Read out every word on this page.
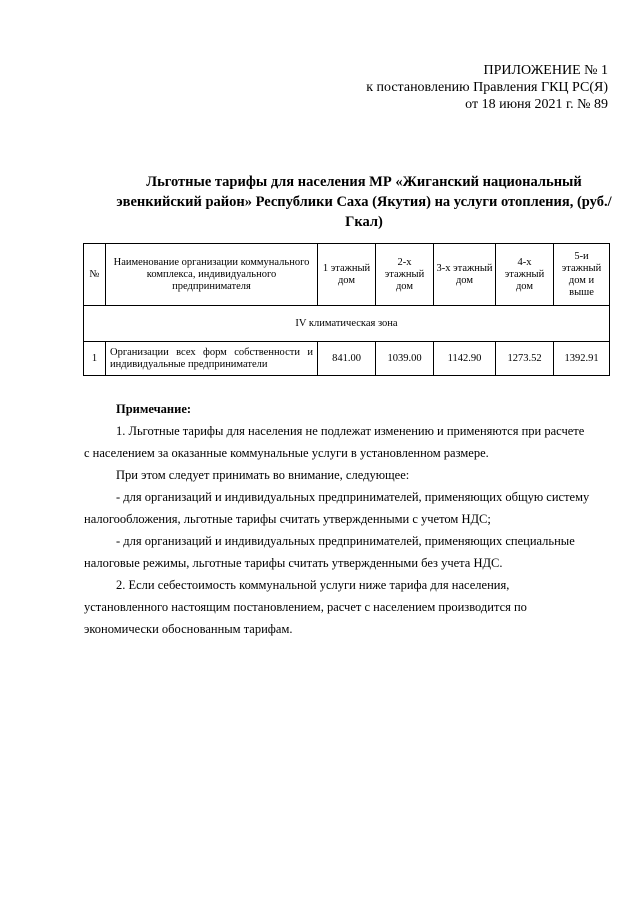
ПРИЛОЖЕНИЕ № 1
к постановлению Правления ГКЦ РС(Я)
от 18 июня 2021 г. № 89
Льготные тарифы для населения МР «Жиганский национальный эвенкийский район» Республики Саха (Якутия) на услуги отопления, (руб./Гкал)
№	Наименование организации коммунального комплекса, индивидуального предпринимателя	1 этажный дом	2-х этажный дом	3-х этажный дом	4-х этажный дом	5-и этажный дом и выше
IV климатическая зона						
1	Организации всех форм собственности и индивидуальные предприниматели	841.00	1039.00	1142.90	1273.52	1392.91

Примечание:

1. Льготные тарифы для населения не подлежат изменению и применяются при расчете

с населением за оказанные коммунальные услуги в установленном размере.

При этом следует принимать во внимание, следующее:

- для организаций и индивидуальных предпринимателей, применяющих общую систему

налогообложения, льготные тарифы считать утвержденными с учетом НДС;

- для организаций и индивидуальных предпринимателей, применяющих специальные

налоговые режимы, льготные тарифы считать утвержденными без учета НДС.

2. Если себестоимость коммунальной услуги ниже тарифа для населения,

установленного настоящим постановлением, расчет с населением производится по

экономически обоснованным тарифам.
